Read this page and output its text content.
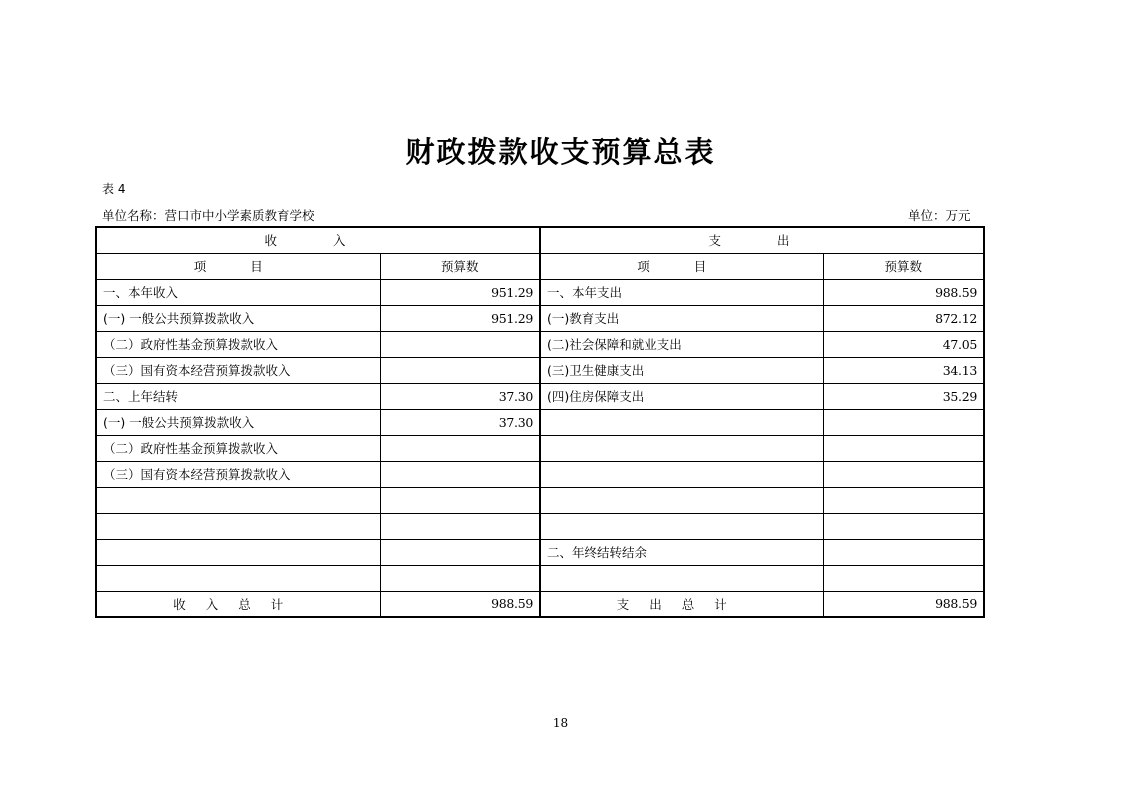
财政拨款收支预算总表
表 4
单位名称：营口市中小学素质教育学校	单位：万元
收 入		支 出	
项 目	预算数	项 目	预算数
一、本年收入	951.29	一、本年支出	988.59
(一) 一般公共预算拨款收入	951.29	(一)教育支出	872.12
（二）政府性基金预算拨款收入		(二)社会保障和就业支出	47.05
（三）国有资本经营预算拨款收入		(三)卫生健康支出	34.13
二、上年结转	37.30	(四)住房保障支出	35.29
(一) 一般公共预算拨款收入	37.30		
（二）政府性基金预算拨款收入			
（三）国有资本经营预算拨款收入			

		二、年终结转结余	

收入总计	988.59	支出总计	988.59
18
